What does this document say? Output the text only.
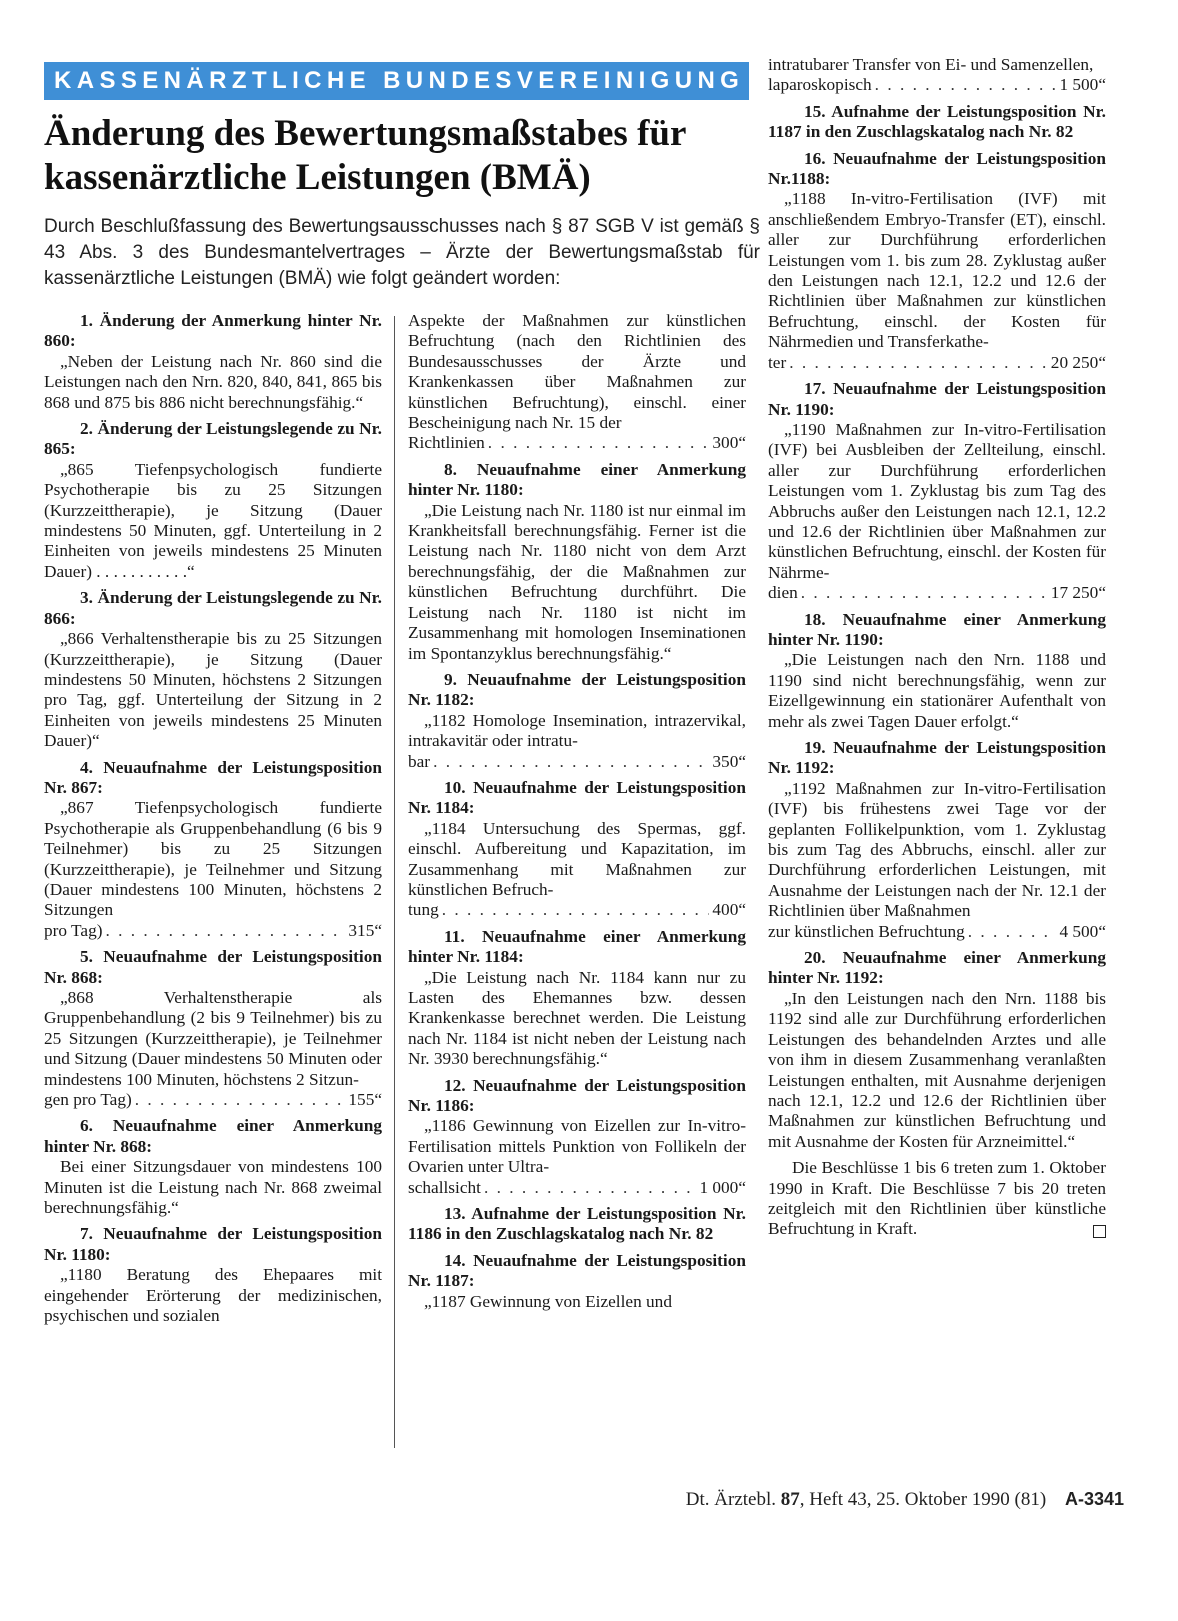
KASSENÄRZTLICHE BUNDESVEREINIGUNG
Änderung des Bewertungsmaßstabes für
kassenärztliche Leistungen (BMÄ)

Durch Beschlußfassung des Bewertungsausschusses nach § 87 SGB V ist gemäß § 43 Abs. 3 des Bundesmantelvertrages – Ärzte der Bewertungsmaßstab für kassenärztliche Leistungen (BMÄ) wie folgt geändert worden:

1. Änderung der Anmerkung hinter Nr. 860:

„Neben der Leistung nach Nr. 860 sind die Leistungen nach den Nrn. 820, 840, 841, 865 bis 868 und 875 bis 886 nicht berechnungsfähig.“

2. Änderung der Leistungslegende zu Nr. 865:

„865 Tiefenpsychologisch fundierte Psychotherapie bis zu 25 Sitzungen (Kurzzeittherapie), je Sitzung (Dauer mindestens 50 Minuten, ggf. Unterteilung in 2 Einheiten von jeweils mindestens 25 Minuten Dauer) . . . . . . . . . . .“

3. Änderung der Leistungslegende zu Nr. 866:

„866 Verhaltenstherapie bis zu 25 Sitzungen (Kurzzeittherapie), je Sitzung (Dauer mindestens 50 Minuten, höchstens 2 Sitzungen pro Tag, ggf. Unterteilung der Sitzung in 2 Einheiten von jeweils mindestens 25 Minuten Dauer)“

4. Neuaufnahme der Leistungsposition Nr. 867:

„867 Tiefenpsychologisch fundierte Psychotherapie als Gruppenbehandlung (6 bis 9 Teilnehmer) bis zu 25 Sitzungen (Kurzzeittherapie), je Teilnehmer und Sitzung (Dauer mindestens 100 Minuten, höchstens 2 Sitzungen

pro Tag) . . .	315“
5. Neuaufnahme der Leistungsposition Nr. 868:

„868 Verhaltenstherapie als Gruppenbehandlung (2 bis 9 Teilnehmer) bis zu 25 Sitzungen (Kurzzeittherapie), je Teilnehmer und Sitzung (Dauer mindestens 50 Minuten oder mindestens 100 Minuten, höchstens 2 Sitzun-

gen pro Tag) . . .	155“
6. Neuaufnahme einer Anmerkung hinter Nr. 868:

Bei einer Sitzungsdauer von mindestens 100 Minuten ist die Leistung nach Nr. 868 zweimal berechnungsfähig.“

7. Neuaufnahme der Leistungsposition Nr. 1180:

„1180 Beratung des Ehepaares mit eingehender Erörterung der medizinischen, psychischen und sozialen

Aspekte der Maßnahmen zur künstlichen Befruchtung (nach den Richtlinien des Bundesausschusses der Ärzte und Krankenkassen über Maßnahmen zur künstlichen Befruchtung), einschl. einer Bescheinigung nach Nr. 15 der
Richtlinien . . .	300“
8. Neuaufnahme einer Anmerkung hinter Nr. 1180:

„Die Leistung nach Nr. 1180 ist nur einmal im Krankheitsfall berechnungsfähig. Ferner ist die Leistung nach Nr. 1180 nicht von dem Arzt berechnungsfähig, der die Maßnahmen zur künstlichen Befruchtung durchführt. Die Leistung nach Nr. 1180 ist nicht im Zusammenhang mit homologen Inseminationen im Spontanzyklus berechnungsfähig.“

9. Neuaufnahme der Leistungsposition Nr. 1182:

„1182 Homologe Insemination, intrazervikal, intrakavitär oder intratu-

bar . . .	350“
10. Neuaufnahme der Leistungsposition Nr. 1184:

„1184 Untersuchung des Spermas, ggf. einschl. Aufbereitung und Kapazitation, im Zusammenhang mit Maßnahmen zur künstlichen Befruch-

tung . . .	400“
11. Neuaufnahme einer Anmerkung hinter Nr. 1184:

„Die Leistung nach Nr. 1184 kann nur zu Lasten des Ehemannes bzw. dessen Krankenkasse berechnet werden. Die Leistung nach Nr. 1184 ist nicht neben der Leistung nach Nr. 3930 berechnungsfähig.“

12. Neuaufnahme der Leistungsposition Nr. 1186:

„1186 Gewinnung von Eizellen zur In-vitro-Fertilisation mittels Punktion von Follikeln der Ovarien unter Ultra-

schallsicht . . .	1 000“
13. Aufnahme der Leistungsposition Nr. 1186 in den Zuschlagskatalog nach Nr. 82
14. Neuaufnahme der Leistungsposition Nr. 1187:

„1187 Gewinnung von Eizellen und

intratubarer Transfer von Ei- und Samenzellen,
laparoskopisch . . .	1 500“
15. Aufnahme der Leistungsposition Nr. 1187 in den Zuschlagskatalog nach Nr. 82
16. Neuaufnahme der Leistungsposition Nr.1188:

„1188 In-vitro-Fertilisation (IVF) mit anschließendem Embryo-Transfer (ET), einschl. aller zur Durchführung erforderlichen Leistungen vom 1. bis zum 28. Zyklustag außer den Leistungen nach 12.1, 12.2 und 12.6 der Richtlinien über Maßnahmen zur künstlichen Befruchtung, einschl. der Kosten für Nährmedien und Transferkathe-

ter . . .	20 250“
17. Neuaufnahme der Leistungsposition Nr. 1190:

„1190 Maßnahmen zur In-vitro-Fertilisation (IVF) bei Ausbleiben der Zellteilung, einschl. aller zur Durchführung erforderlichen Leistungen vom 1. Zyklustag bis zum Tag des Abbruchs außer den Leistungen nach 12.1, 12.2 und 12.6 der Richtlinien über Maßnahmen zur künstlichen Befruchtung, einschl. der Kosten für Nährme-

dien . . .	17 250“
18. Neuaufnahme einer Anmerkung hinter Nr. 1190:

„Die Leistungen nach den Nrn. 1188 und 1190 sind nicht berechnungsfähig, wenn zur Eizellgewinnung ein stationärer Aufenthalt von mehr als zwei Tagen Dauer erfolgt.“

19. Neuaufnahme der Leistungsposition Nr. 1192:

„1192 Maßnahmen zur In-vitro-Fertilisation (IVF) bis frühestens zwei Tage vor der geplanten Follikelpunktion, vom 1. Zyklustag bis zum Tag des Abbruchs, einschl. aller zur Durchführung erforderlichen Leistungen, mit Ausnahme der Leistungen nach der Nr. 12.1 der Richtlinien über Maßnahmen

zur künstlichen Befruchtung . . .	4 500“
20. Neuaufnahme einer Anmerkung hinter Nr. 1192:

„In den Leistungen nach den Nrn. 1188 bis 1192 sind alle zur Durchführung erforderlichen Leistungen des behandelnden Arztes und alle von ihm in diesem Zusammenhang veranlaßten Leistungen enthalten, mit Ausnahme derjenigen nach 12.1, 12.2 und 12.6 der Richtlinien über Maßnahmen zur künstlichen Befruchtung und mit Ausnahme der Kosten für Arzneimittel.“

Die Beschlüsse 1 bis 6 treten zum 1. Oktober 1990 in Kraft. Die Beschlüsse 7 bis 20 treten zeitgleich mit den Richtlinien über künstliche Befruchtung in Kraft.

Dt. Ärztebl. 87, Heft 43, 25. Oktober 1990 (81) A-3341
